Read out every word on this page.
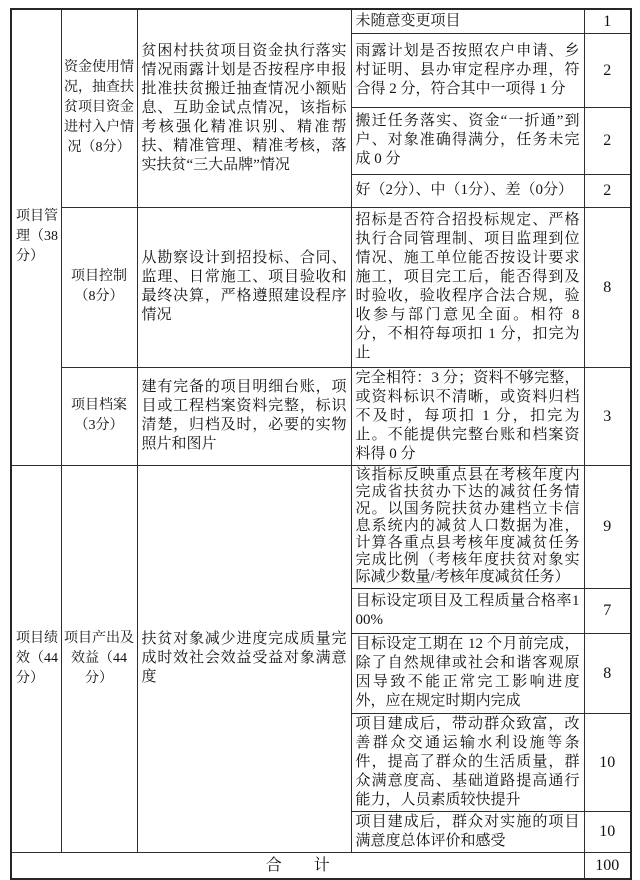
项目管理（38分）	资金使用情况，抽查扶贫项目资金进村入户情况（8分）	贫困村扶贫项目资金执行落实情况雨露计划是否按程序申报批准扶贫搬迁抽查情况小额贴息、互助金试点情况，该指标考核强化精准识别、精准帮扶、精准管理、精准考核，落实扶贫“三大品牌”情况	未随意变更项目	1
			雨露计划是否按照农户申请、乡村证明、县办审定程序办理，符合得 2 分，符合其中一项得 1 分	2
			搬迁任务落实、资金“一折通”到户、对象准确得满分，任务未完成 0 分	2
			好（2分）、中（1分）、差（0分）	2
	项目控制（8分）	从勘察设计到招投标、合同、监理、日常施工、项目验收和最终决算，严格遵照建设程序情况	招标是否符合招投标规定、严格执行合同管理制、项目监理到位情况、施工单位能否按设计要求施工，项目完工后，能否得到及时验收，验收程序合法合规，验收参与部门意见全面。相符 8 分，不相符每项扣 1 分，扣完为止	8
	项目档案（3分）	建有完备的项目明细台账，项目或工程档案资料完整，标识清楚，归档及时，必要的实物照片和图片	完全相符：3 分；资料不够完整，或资料标识不清晰，或资料归档不及时，每项扣 1 分，扣完为止。不能提供完整台账和档案资料得 0 分	3
项目绩效（44分）	项目产出及效益（44分）	扶贫对象减少进度完成质量完成时效社会效益受益对象满意度	该指标反映重点县在考核年度内完成省扶贫办下达的减贫任务情况。以国务院扶贫办建档立卡信息系统内的减贫人口数据为准，计算各重点县考核年度减贫任务完成比例（考核年度扶贫对象实际减少数量/考核年度减贫任务）	9
			目标设定项目及工程质量合格率100%	7
			目标设定工期在 12 个月前完成，除了自然规律或社会和谐客观原因导致不能正常完工影响进度外，应在规定时期内完成	8
			项目建成后，带动群众致富，改善群众交通运输水利设施等条件，提高了群众的生活质量，群众满意度高、基础道路提高通行能力，人员素质较快提升	10
			项目建成后，群众对实施的项目满意度总体评价和感受	10
合　　计				100
